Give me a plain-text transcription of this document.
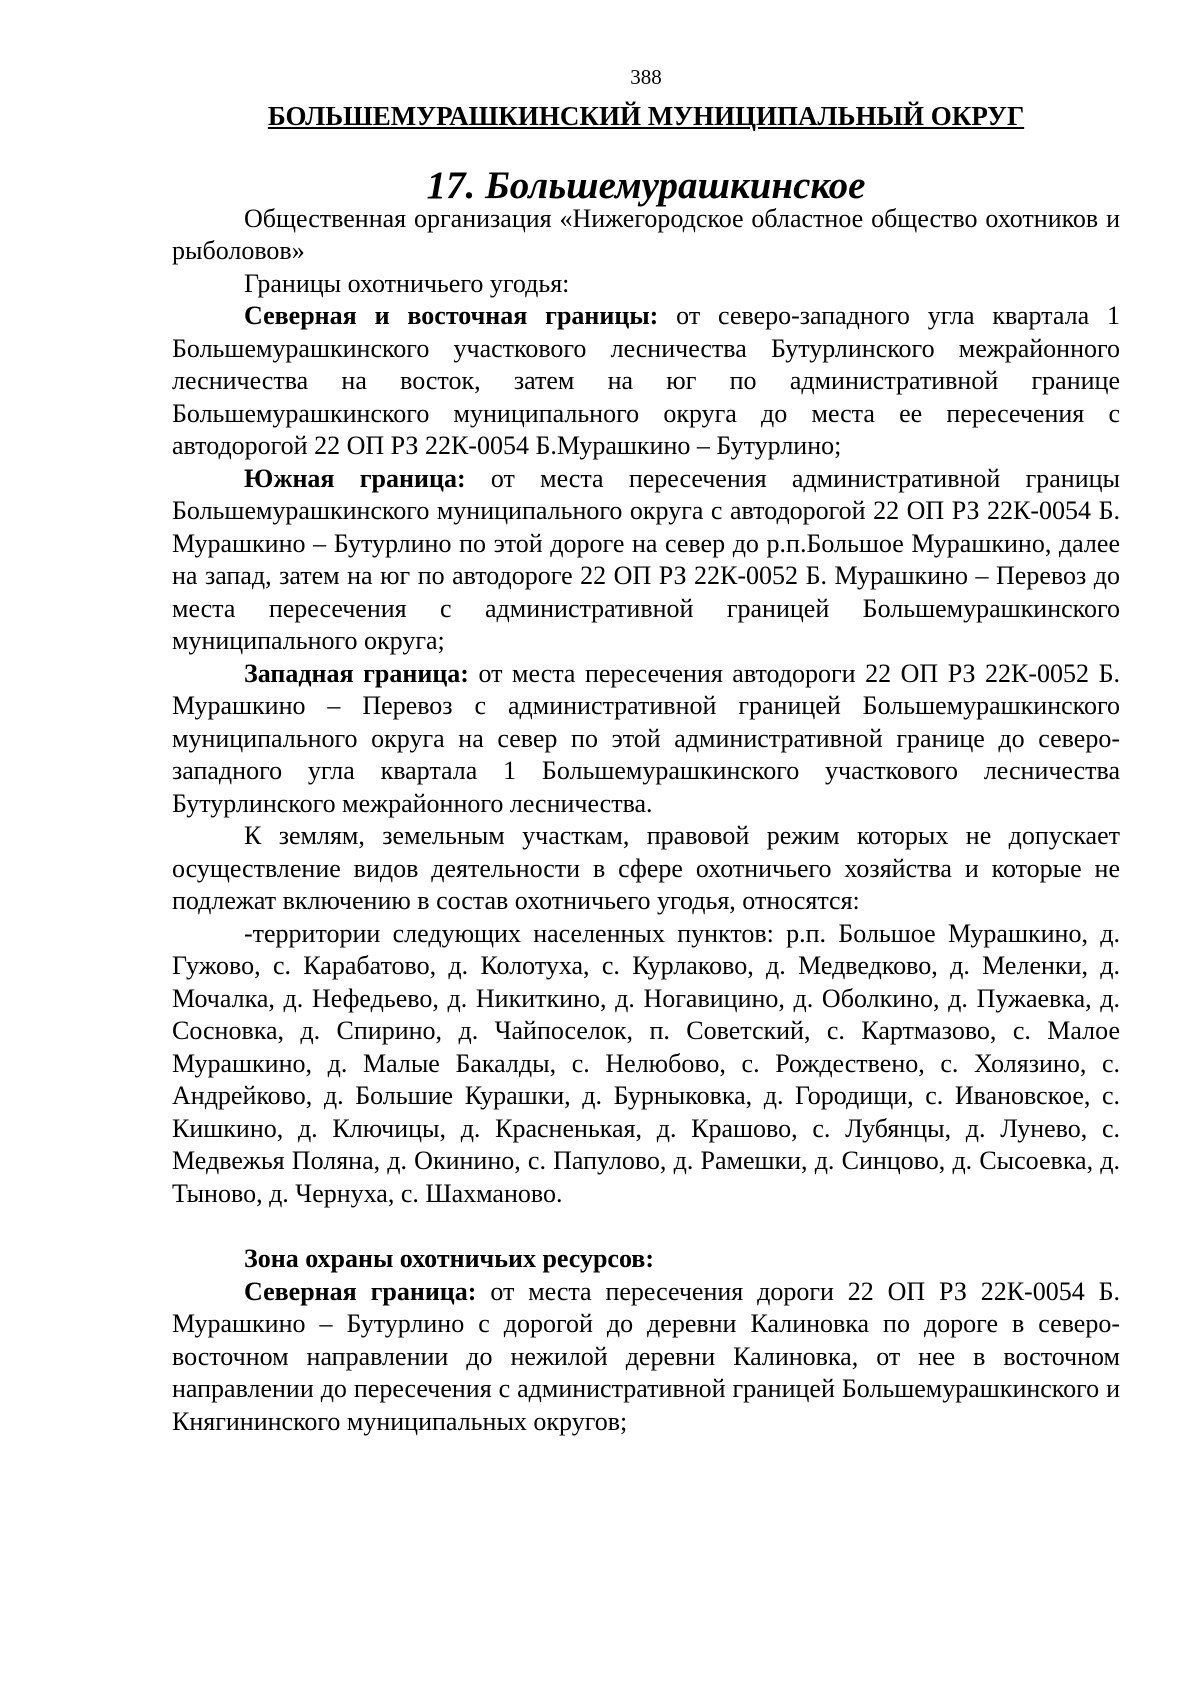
388
БОЛЬШЕМУРАШКИНСКИЙ МУНИЦИПАЛЬНЫЙ ОКРУГ
17. Большемурашкинское

Общественная организация «Нижегородское областное общество охотников и рыболовов»

Границы охотничьего угодья:

Северная и восточная границы: от северо-западного угла квартала 1 Большемурашкинского участкового лесничества Бутурлинского межрайонного лесничества на восток, затем на юг по административной границе Большемурашкинского муниципального округа до места ее пересечения с автодорогой 22 ОП РЗ 22К-0054 Б.Мурашкино – Бутурлино;

Южная граница: от места пересечения административной границы Большемурашкинского муниципального округа с автодорогой 22 ОП РЗ 22К-0054 Б. Мурашкино – Бутурлино по этой дороге на север до р.п.Большое Мурашкино, далее на запад, затем на юг по автодороге 22 ОП РЗ 22К-0052 Б. Мурашкино – Перевоз до места пересечения с административной границей Большемурашкинского муниципального округа;

Западная граница: от места пересечения автодороги 22 ОП РЗ 22К-0052 Б. Мурашкино – Перевоз с административной границей Большемурашкинского муниципального округа на север по этой административной границе до северо-западного угла квартала 1 Большемурашкинского участкового лесничества Бутурлинского межрайонного лесничества.

К землям, земельным участкам, правовой режим которых не допускает осуществление видов деятельности в сфере охотничьего хозяйства и которые не подлежат включению в состав охотничьего угодья, относятся:

-территории следующих населенных пунктов: р.п. Большое Мурашкино, д. Гужово, с. Карабатово, д. Колотуха, с. Курлаково, д. Медведково, д. Меленки, д. Мочалка, д. Нефедьево, д. Никиткино, д. Ногавицино, д. Оболкино, д. Пужаевка, д. Сосновка, д. Спирино, д. Чайпоселок, п. Советский, с. Картмазово, с. Малое Мурашкино, д. Малые Бакалды, с. Нелюбово, с. Рождествено, с. Холязино, с. Андрейково, д. Большие Курашки, д. Бурныковка, д. Городищи, с. Ивановское, с. Кишкино, д. Ключицы, д. Красненькая, д. Крашово, с. Лубянцы, д. Лунево, с. Медвежья Поляна, д. Окинино, с. Папулово, д. Рамешки, д. Синцово, д. Сысоевка, д. Тыново, д. Чернуха, с. Шахманово.

Зона охраны охотничьих ресурсов:

Северная граница: от места пересечения дороги 22 ОП РЗ 22К-0054 Б. Мурашкино – Бутурлино с дорогой до деревни Калиновка по дороге в северо-восточном направлении до нежилой деревни Калиновка, от нее в восточном направлении до пересечения с административной границей Большемурашкинского и Княгининского муниципальных округов;
